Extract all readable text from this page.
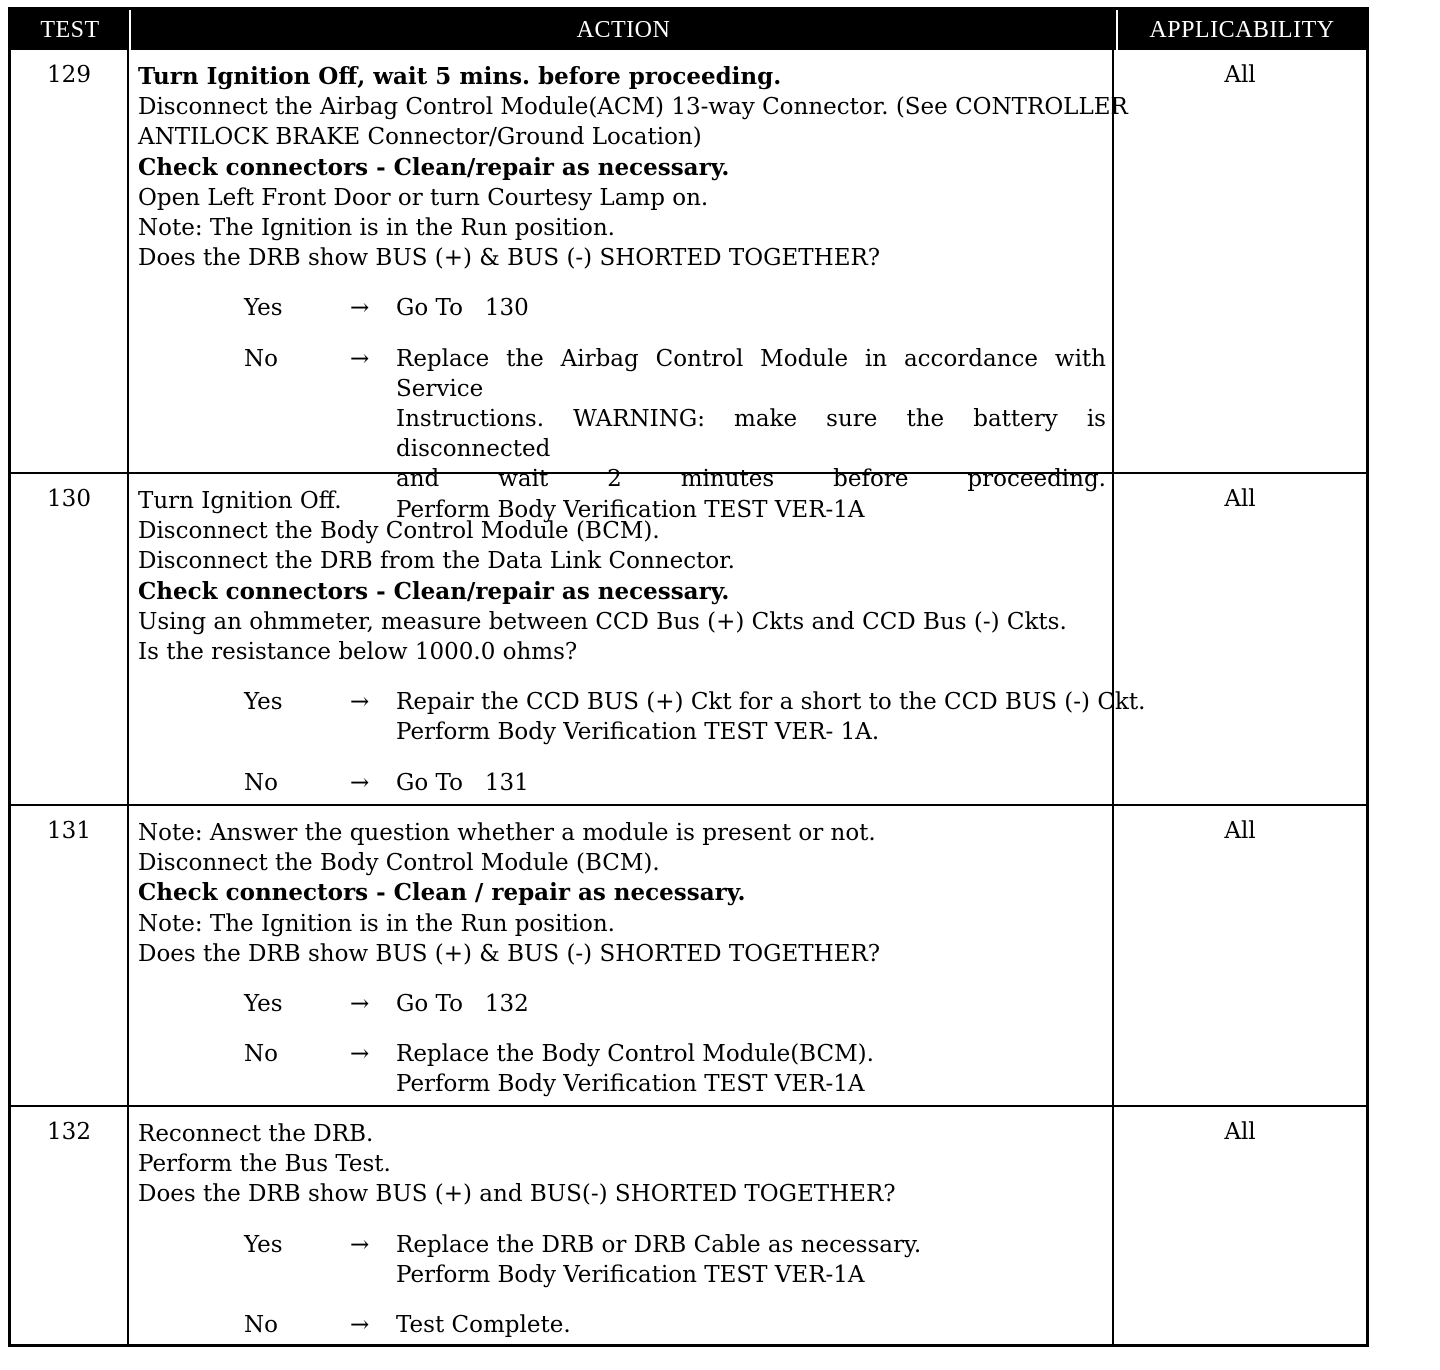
TEST	ACTION	APPLICABILITY
129	Turn Ignition Off, wait 5 mins. before proceeding.
Disconnect the Airbag Control Module(ACM) 13-way Connector. (See CONTROLLER
ANTILOCK BRAKE Connector/Ground Location)
Check connectors - Clean/repair as necessary.
Open Left Front Door or turn Courtesy Lamp on.
Note: The Ignition is in the Run position.
Does the DRB show BUS (+) & BUS (-) SHORTED TOGETHER?
Yes	→	Go To   130
No	→	Replace the Airbag Control Module in accordance with Service
Instructions. WARNING: make sure the battery is disconnected
and wait 2 minutes before proceeding.
Perform Body Verification TEST VER-1A
All
130	Turn Ignition Off.
Disconnect the Body Control Module (BCM).
Disconnect the DRB from the Data Link Connector.
Check connectors - Clean/repair as necessary.
Using an ohmmeter, measure between CCD Bus (+) Ckts and CCD Bus (-) Ckts.
Is the resistance below 1000.0 ohms?
Yes	→	Repair the CCD BUS (+) Ckt for a short to the CCD BUS (-) Ckt.
Perform Body Verification TEST VER- 1A.
No	→	Go To   131
All
131	Note: Answer the question whether a module is present or not.
Disconnect the Body Control Module (BCM).
Check connectors - Clean / repair as necessary.
Note: The Ignition is in the Run position.
Does the DRB show BUS (+) & BUS (-) SHORTED TOGETHER?
Yes	→	Go To   132
No	→	Replace the Body Control Module(BCM).
Perform Body Verification TEST VER-1A
All
132	Reconnect the DRB.
Perform the Bus Test.
Does the DRB show BUS (+) and BUS(-) SHORTED TOGETHER?
Yes	→	Replace the DRB or DRB Cable as necessary.
Perform Body Verification TEST VER-1A
No	→	Test Complete.
All
